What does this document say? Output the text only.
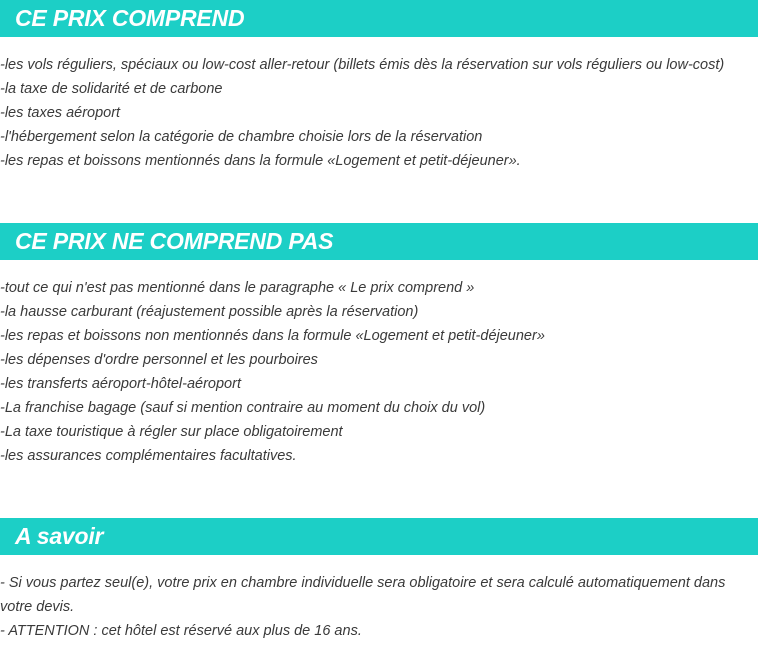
CE PRIX COMPREND
-les vols réguliers, spéciaux ou low-cost aller-retour (billets émis dès la réservation sur vols réguliers ou low-cost)
-la taxe de solidarité et de carbone
-les taxes aéroport
-l'hébergement selon la catégorie de chambre choisie lors de la réservation
-les repas et boissons mentionnés dans la formule «Logement et petit-déjeuner».
CE PRIX NE COMPREND PAS
-tout ce qui n'est pas mentionné dans le paragraphe « Le prix comprend »
-la hausse carburant (réajustement possible après la réservation)
-les repas et boissons non mentionnés dans la formule «Logement et petit-déjeuner»
-les dépenses d'ordre personnel et les pourboires
-les transferts aéroport-hôtel-aéroport
-La franchise bagage (sauf si mention contraire au moment du choix du vol)
-La taxe touristique à régler sur place obligatoirement
-les assurances complémentaires facultatives.
A savoir

- Si vous partez seul(e), votre prix en chambre individuelle sera obligatoire et sera calculé automatiquement dans votre devis.

- ATTENTION : cet hôtel est réservé aux plus de 16 ans.
